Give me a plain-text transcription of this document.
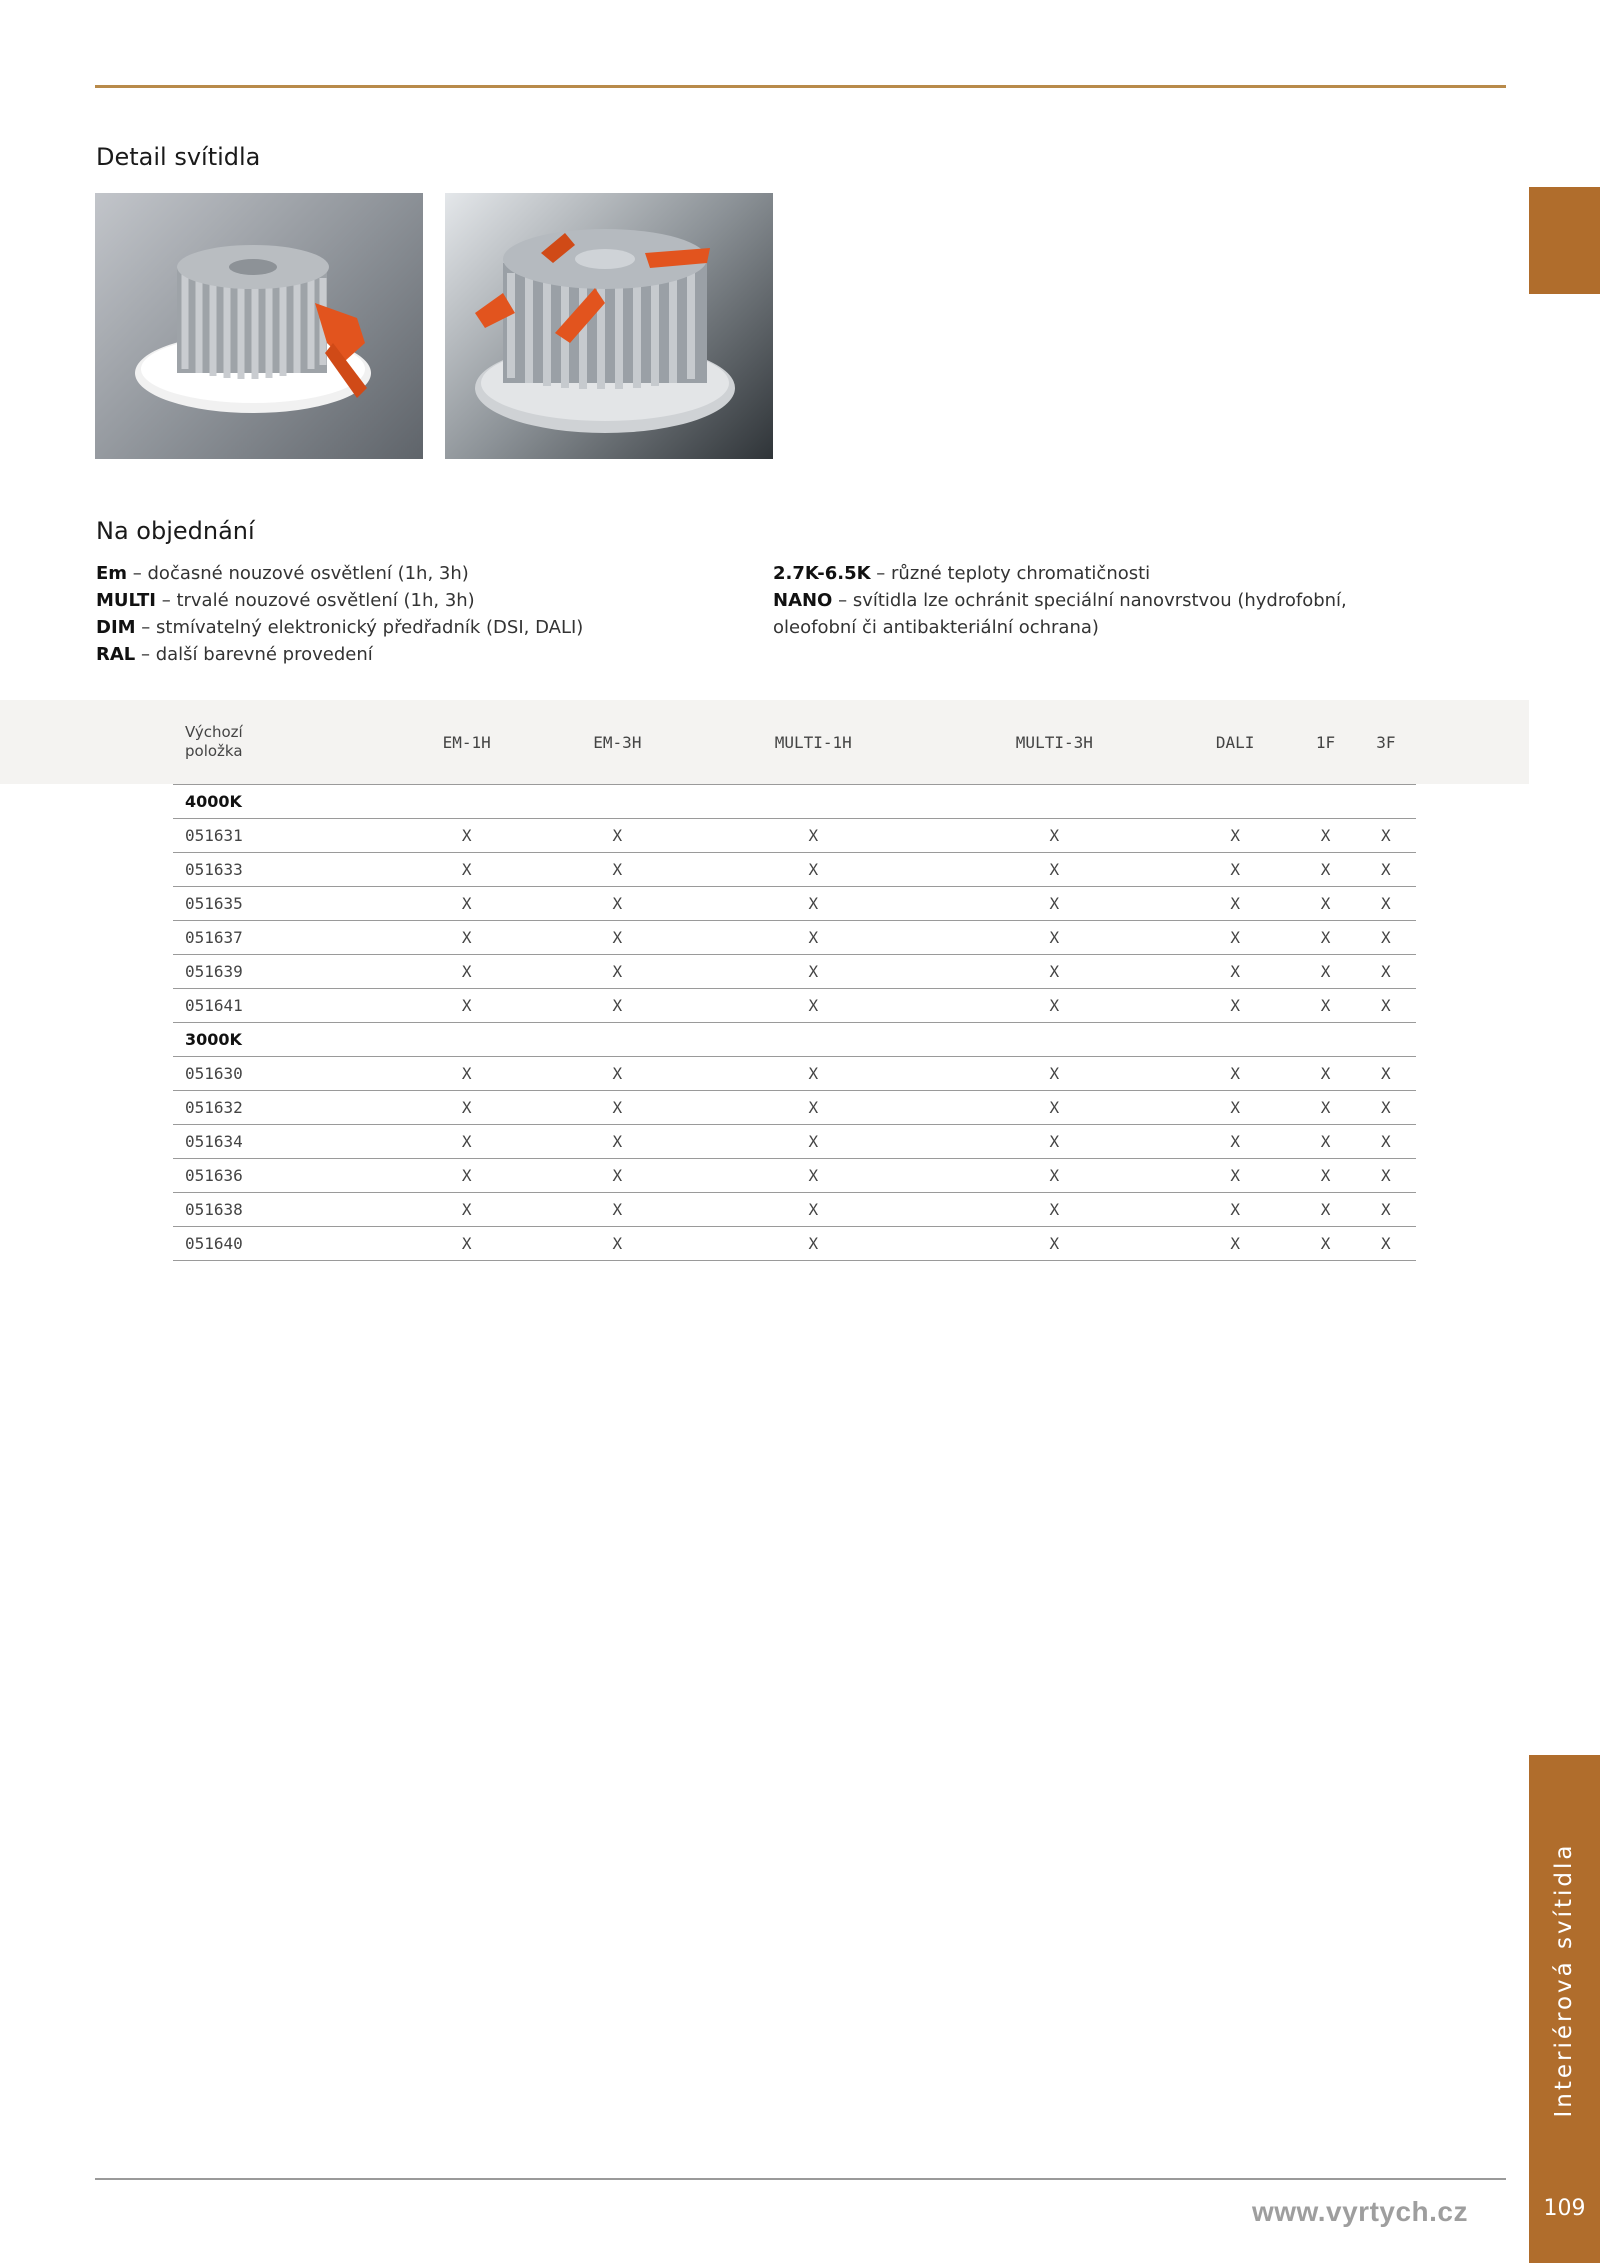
Detail svítidla
Na objednání

Em – dočasné nouzové osvětlení (1h, 3h)

MULTI – trvalé nouzové osvětlení (1h, 3h)

DIM – stmívatelný elektronický předřadník (DSI, DALI)

RAL – další barevné provedení

2.7K-6.5K – různé teploty chromatičnosti

NANO – svítidla lze ochránit speciální nanovrstvou (hydrofobní, oleofobní či antibakteriální ochrana)

Výchozí
položka	EM-1H	EM-3H	MULTI-1H	MULTI-3H	DALI	1F	3F
4000K							
051631	X	X	X	X	X	X	X
051633	X	X	X	X	X	X	X
051635	X	X	X	X	X	X	X
051637	X	X	X	X	X	X	X
051639	X	X	X	X	X	X	X
051641	X	X	X	X	X	X	X
3000K							
051630	X	X	X	X	X	X	X
051632	X	X	X	X	X	X	X
051634	X	X	X	X	X	X	X
051636	X	X	X	X	X	X	X
051638	X	X	X	X	X	X	X
051640	X	X	X	X	X	X	X
Interiérová svítidla
109
www.vyrtych.cz
